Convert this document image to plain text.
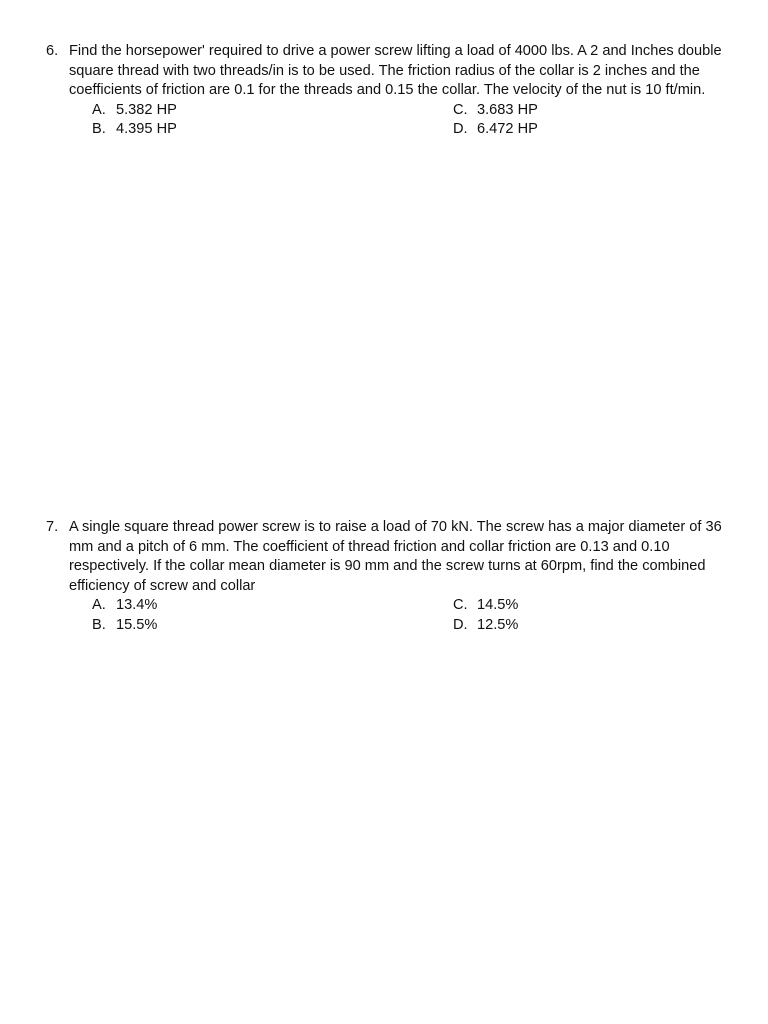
6. Find the horsepower' required to drive a power screw lifting a load of 4000 lbs. A 2 and Inches double square thread with two threads/in is to be used. The friction radius of the collar is 2 inches and the coefficients of friction are 0.1 for the threads and 0.15 the collar. The velocity of the nut is 10 ft/min.
A. 5.382 HP	C. 3.683 HP
B. 4.395 HP	D. 6.472 HP
7. A single square thread power screw is to raise a load of 70 kN. The screw has a major diameter of 36 mm and a pitch of 6 mm. The coefficient of thread friction and collar friction are 0.13 and 0.10 respectively. If the collar mean diameter is 90 mm and the screw turns at 60rpm, find the combined efficiency of screw and collar
A. 13.4%	C. 14.5%
B. 15.5%	D. 12.5%
